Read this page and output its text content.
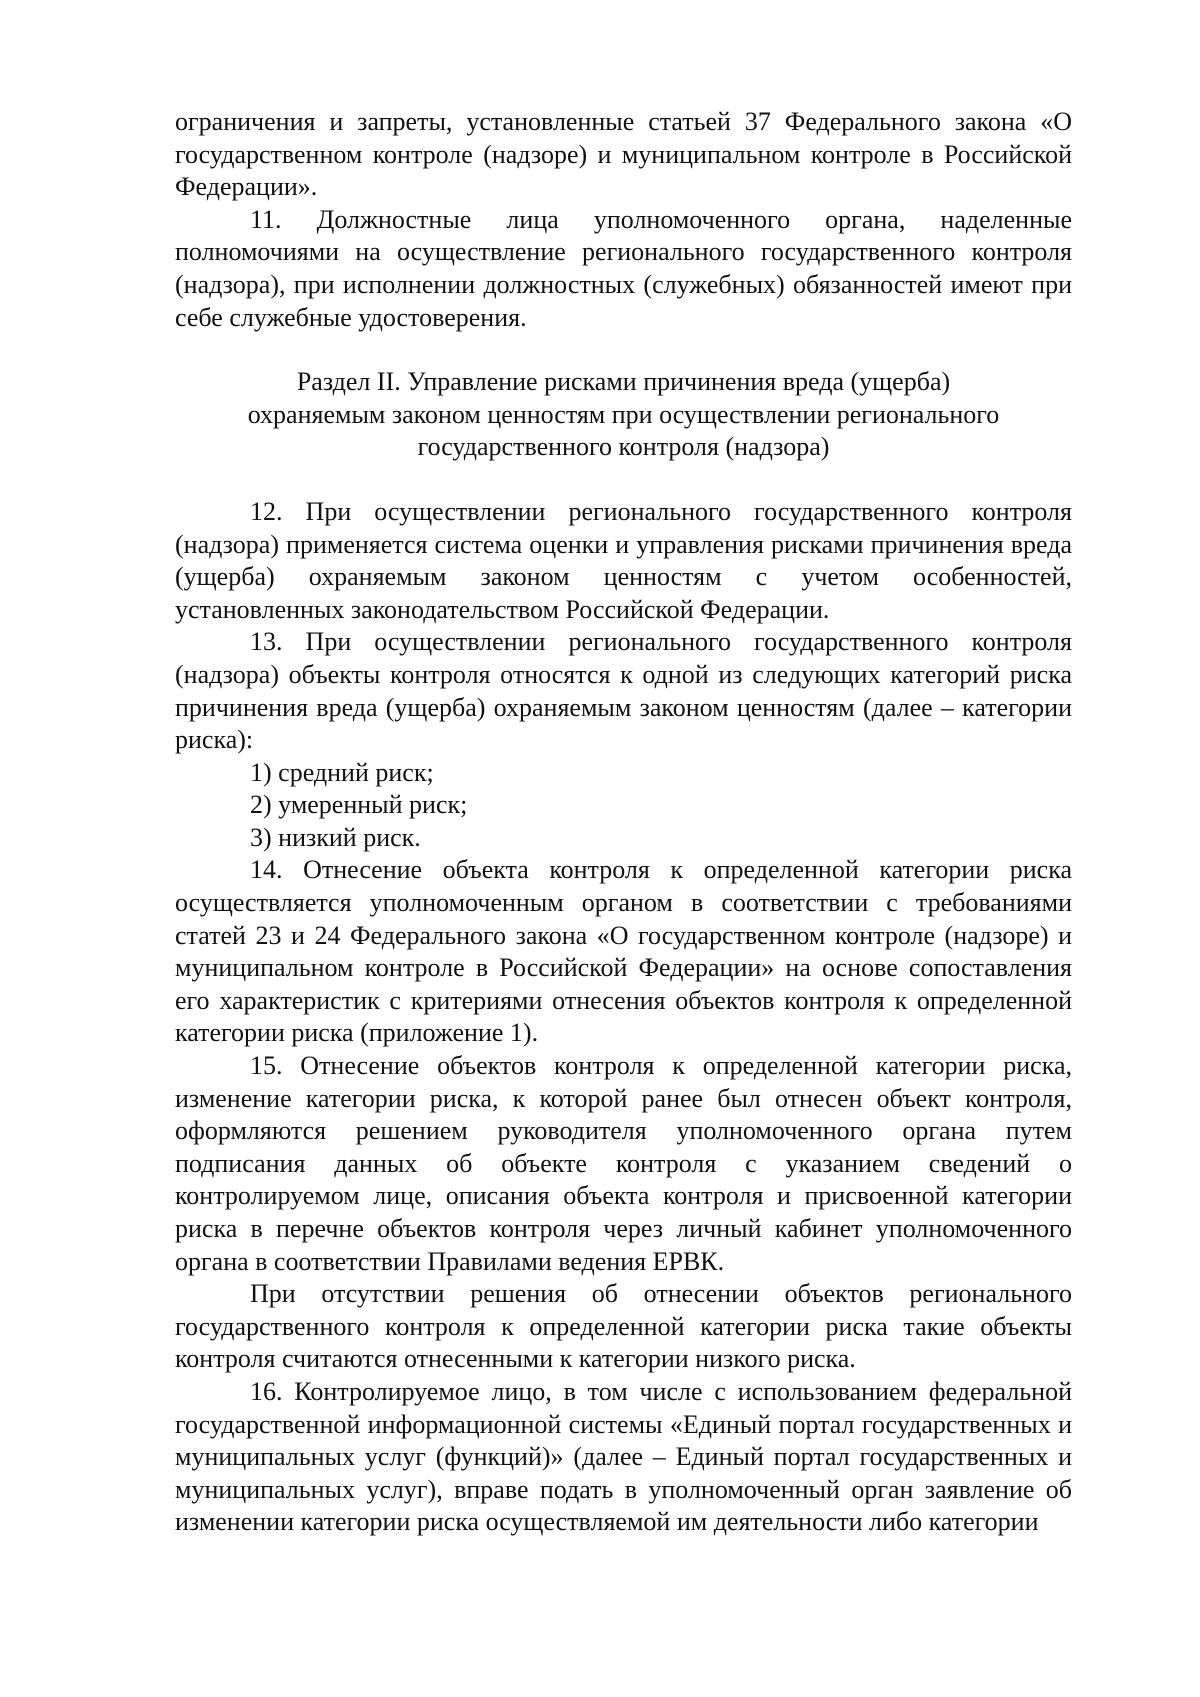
ограничения и запреты, установленные статьей 37 Федерального закона «О государственном контроле (надзоре) и муниципальном контроле в Российской Федерации».

11. Должностные лица уполномоченного органа, наделенные полномочиями на осуществление регионального государственного контроля (надзора), при исполнении должностных (служебных) обязанностей имеют при себе служебные удостоверения.

Раздел II. Управление рисками причинения вреда (ущерба)
охраняемым законом ценностям при осуществлении регионального
государственного контроля (надзора)

12. При осуществлении регионального государственного контроля (надзора) применяется система оценки и управления рисками причинения вреда (ущерба) охраняемым законом ценностям с учетом особенностей, установленных законодательством Российской Федерации.

13. При осуществлении регионального государственного контроля (надзора) объекты контроля относятся к одной из следующих категорий риска причинения вреда (ущерба) охраняемым законом ценностям (далее – категории риска):

1) средний риск;

2) умеренный риск;

3) низкий риск.

14. Отнесение объекта контроля к определенной категории риска осуществляется уполномоченным органом в соответствии с требованиями статей 23 и 24 Федерального закона «О государственном контроле (надзоре) и муниципальном контроле в Российской Федерации» на основе сопоставления его характеристик с критериями отнесения объектов контроля к определенной категории риска (приложение 1).

15. Отнесение объектов контроля к определенной категории риска, изменение категории риска, к которой ранее был отнесен объект контроля, оформляются решением руководителя уполномоченного органа путем подписания данных об объекте контроля с указанием сведений о контролируемом лице, описания объекта контроля и присвоенной категории риска в перечне объектов контроля через личный кабинет уполномоченного органа в соответствии Правилами ведения ЕРВК.

При отсутствии решения об отнесении объектов регионального государственного контроля к определенной категории риска такие объекты контроля считаются отнесенными к категории низкого риска.

16. Контролируемое лицо, в том числе с использованием федеральной государственной информационной системы «Единый портал государственных и муниципальных услуг (функций)» (далее – Единый портал государственных и муниципальных услуг), вправе подать в уполномоченный орган заявление об изменении категории риска осуществляемой им деятельности либо категории
